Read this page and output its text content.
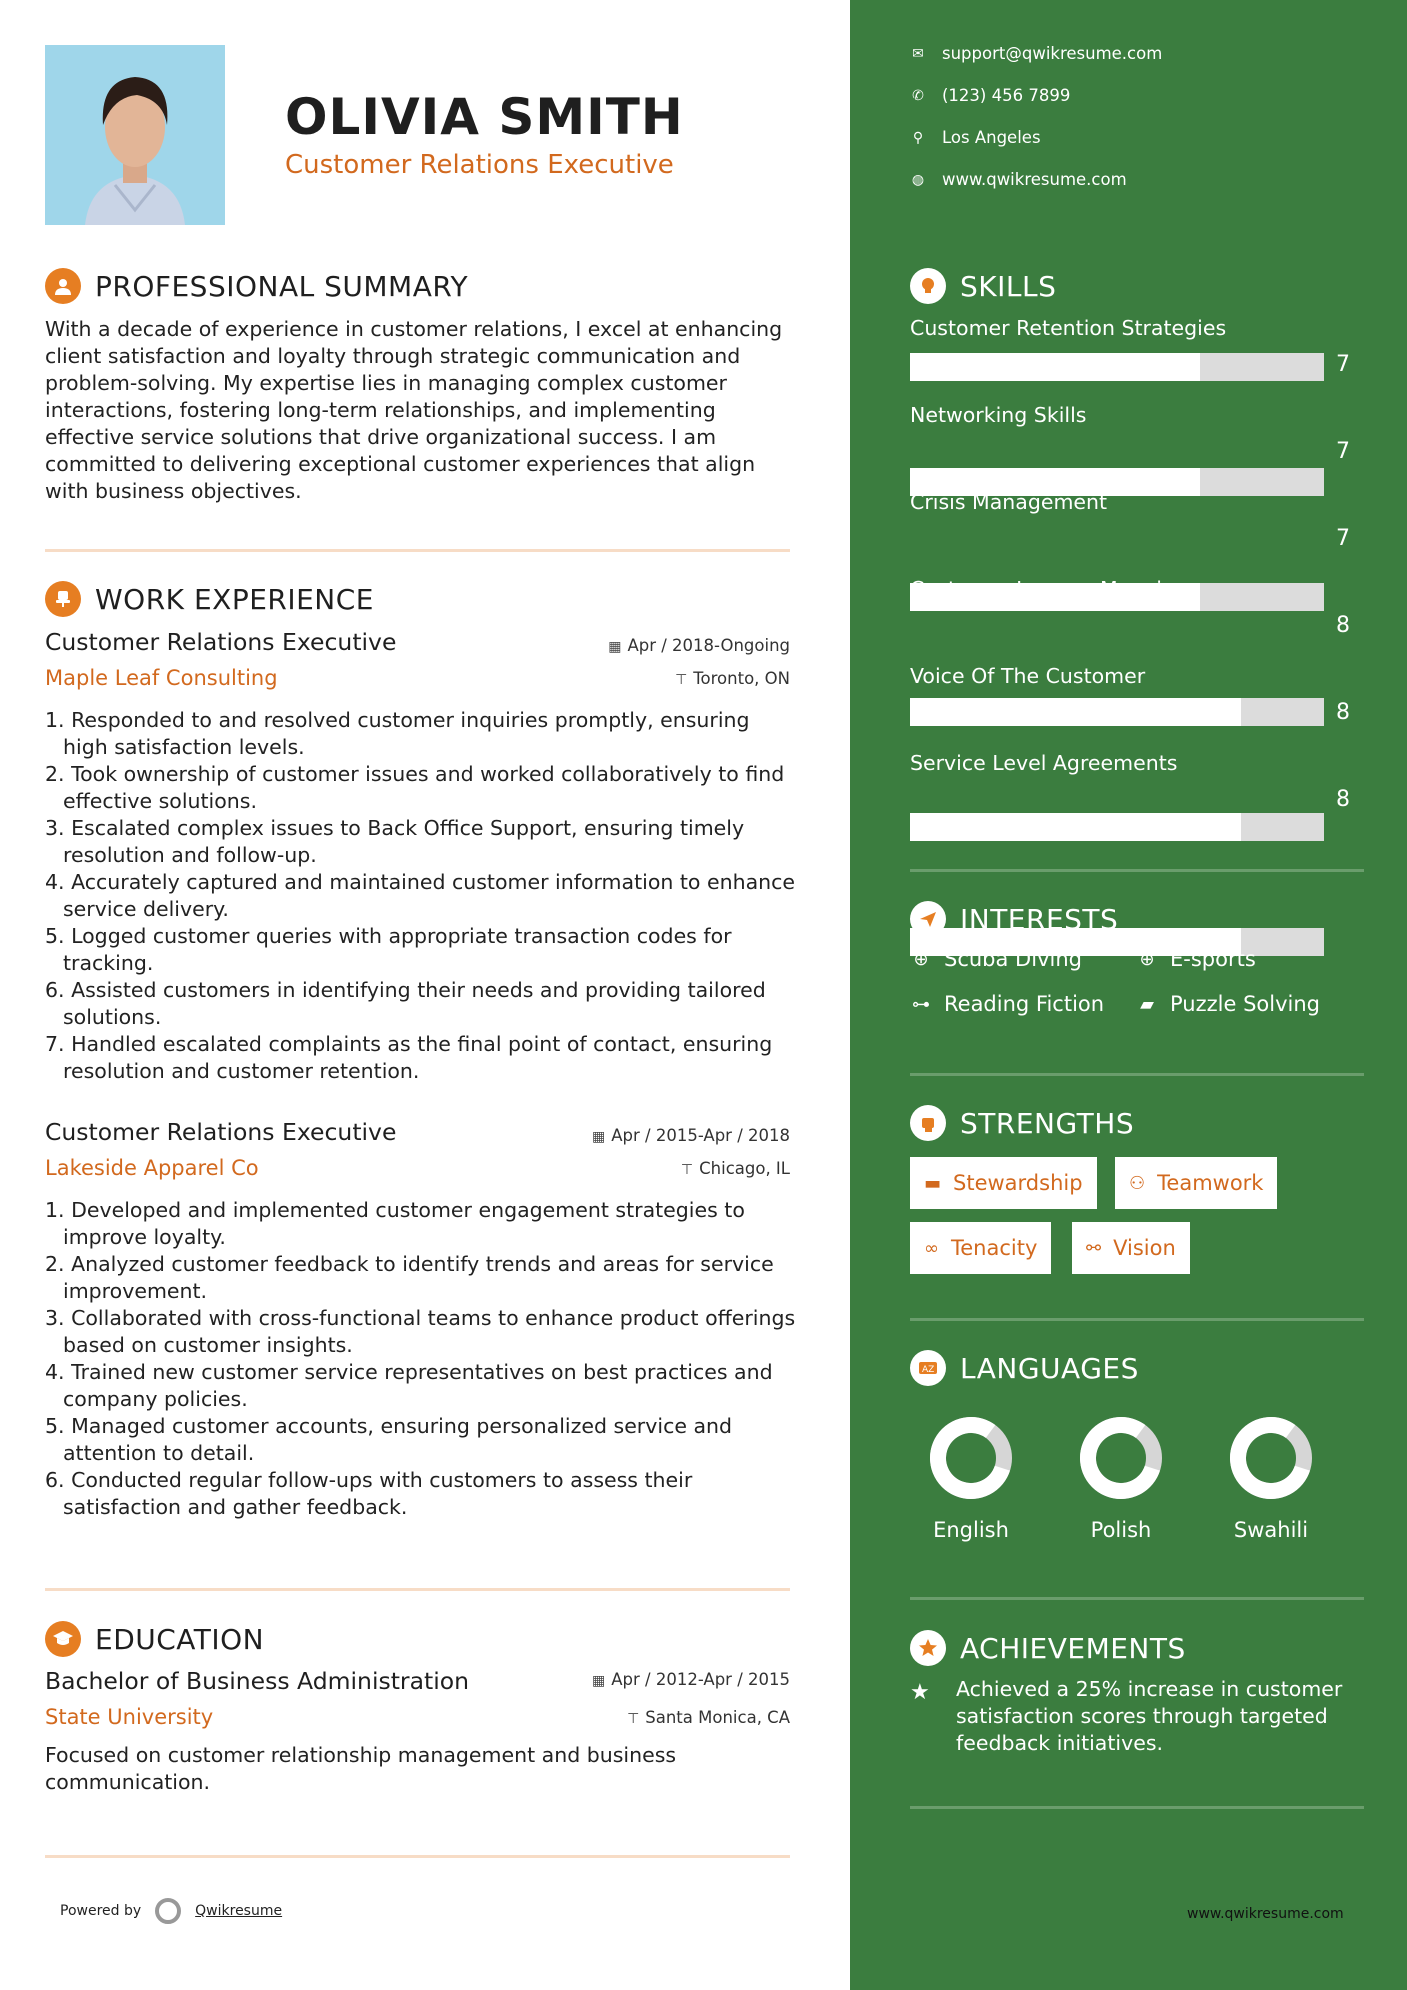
OLIVIA SMITH
Customer Relations Executive
PROFESSIONAL SUMMARY
With a decade of experience in customer relations, I excel at enhancing client satisfaction and loyalty through strategic communication and problem-solving. My expertise lies in managing complex customer interactions, fostering long-term relationships, and implementing effective service solutions that drive organizational success. I am committed to delivering exceptional customer experiences that align with business objectives.
WORK EXPERIENCE
Customer Relations Executive	▦ Apr / 2018-Ongoing
Maple Leaf Consulting	⊤ Toronto, ON
1. Responded to and resolved customer inquiries promptly, ensuring high satisfaction levels.
2. Took ownership of customer issues and worked collaboratively to find effective solutions.
3. Escalated complex issues to Back Office Support, ensuring timely resolution and follow-up.
4. Accurately captured and maintained customer information to enhance service delivery.
5. Logged customer queries with appropriate transaction codes for tracking.
6. Assisted customers in identifying their needs and providing tailored solutions.
7. Handled escalated complaints as the final point of contact, ensuring resolution and customer retention.
Customer Relations Executive	▦ Apr / 2015-Apr / 2018
Lakeside Apparel Co	⊤ Chicago, IL
1. Developed and implemented customer engagement strategies to improve loyalty.
2. Analyzed customer feedback to identify trends and areas for service improvement.
3. Collaborated with cross-functional teams to enhance product offerings based on customer insights.
4. Trained new customer service representatives on best practices and company policies.
5. Managed customer accounts, ensuring personalized service and attention to detail.
6. Conducted regular follow-ups with customers to assess their satisfaction and gather feedback.
EDUCATION
Bachelor of Business Administration	▦ Apr / 2012-Apr / 2015
State University	⊤ Santa Monica, CA
Focused on customer relationship management and business communication.
Powered by	Qwikresume
✉ support@qwikresume.com
✆ (123) 456 7899
⚲ Los Angeles
◍ www.qwikresume.com
SKILLS
Customer Retention Strategies
7
Networking Skills
7
Crisis Management
7
Customer Journey Mapping
8
Voice Of The Customer
8
Service Level Agreements
8
INTERESTS
⊕ Scuba Diving	⊕ E-sports
⊶ Reading Fiction ▰ Puzzle Solving
STRENGTHS
▬ Stewardship	⚇ Teamwork
∞ Tenacity	⚯ Vision
AZ LANGUAGES
English	Polish	Swahili
ACHIEVEMENTS
★ Achieved a 25% increase in customer satisfaction scores through targeted feedback initiatives.
www.qwikresume.com
